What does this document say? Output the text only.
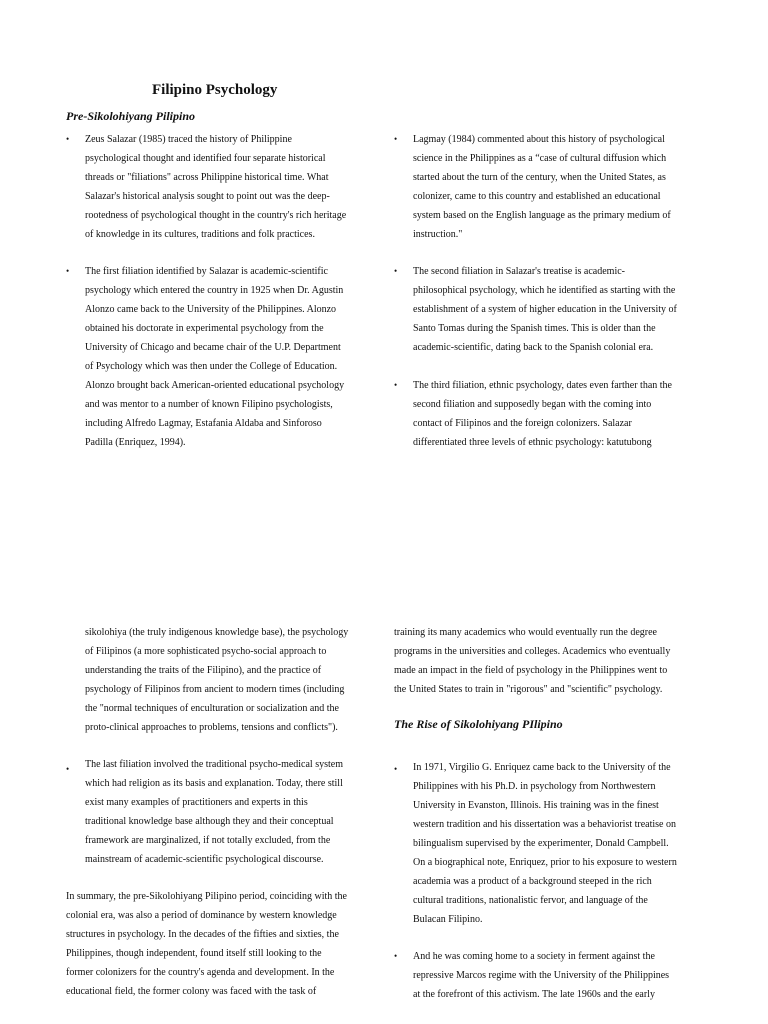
Filipino Psychology
Pre-Sikolohiyang Pilipino
• Zeus Salazar (1985) traced the history of Philippine
psychological thought and identified four separate historical
threads or "filiations" across Philippine historical time. What
Salazar's historical analysis sought to point out was the deep-
rootedness of psychological thought in the country's rich heritage
of knowledge in its cultures, traditions and folk practices.
• The first filiation identified by Salazar is academic-scientific
psychology which entered the country in 1925 when Dr. Agustin
Alonzo came back to the University of the Philippines. Alonzo
obtained his doctorate in experimental psychology from the
University of Chicago and became chair of the U.P. Department
of Psychology which was then under the College of Education.
Alonzo brought back American-oriented educational psychology
and was mentor to a number of known Filipino psychologists,
including Alfredo Lagmay, Estafania Aldaba and Sinforoso
Padilla (Enriquez, 1994).
• Lagmay (1984) commented about this history of psychological
science in the Philippines as a “case of cultural diffusion which
started about the turn of the century, when the United States, as
colonizer, came to this country and established an educational
system based on the English language as the primary medium of
instruction."
• The second filiation in Salazar's treatise is academic-
philosophical psychology, which he identified as starting with the
establishment of a system of higher education in the University of
Santo Tomas during the Spanish times. This is older than the
academic-scientific, dating back to the Spanish colonial era.
• The third filiation, ethnic psychology, dates even farther than the
second filiation and supposedly began with the coming into
contact of Filipinos and the foreign colonizers. Salazar
differentiated three levels of ethnic psychology: katutubong
sikolohiya (the truly indigenous knowledge base), the psychology
of Filipinos (a more sophisticated psycho-social approach to
understanding the traits of the Filipino), and the practice of
psychology of Filipinos from ancient to modern times (including
the "normal techniques of enculturation or socialization and the
proto-clinical approaches to problems, tensions and conflicts").
• The last filiation involved the traditional psycho-medical system
which had religion as its basis and explanation. Today, there still
exist many examples of practitioners and experts in this
traditional knowledge base although they and their conceptual
framework are marginalized, if not totally excluded, from the
mainstream of academic-scientific psychological discourse.
In summary, the pre-Sikolohiyang Pilipino period, coinciding with the
colonial era, was also a period of dominance by western knowledge
structures in psychology. In the decades of the fifties and sixties, the
Philippines, though independent, found itself still looking to the
former colonizers for the country's agenda and development. In the
educational field, the former colony was faced with the task of
training its many academics who would eventually run the degree
programs in the universities and colleges. Academics who eventually
made an impact in the field of psychology in the Philippines went to
the United States to train in "rigorous" and "scientific" psychology.
The Rise of Sikolohiyang PIlipino
• In 1971, Virgilio G. Enriquez came back to the University of the
Philippines with his Ph.D. in psychology from Northwestern
University in Evanston, Illinois. His training was in the finest
western tradition and his dissertation was a behaviorist treatise on
bilingualism supervised by the experimenter, Donald Campbell.
On a biographical note, Enriquez, prior to his exposure to western
academia was a product of a background steeped in the rich
cultural traditions, nationalistic fervor, and language of the
Bulacan Filipino.
• And he was coming home to a society in ferment against the
repressive Marcos regime with the University of the Philippines
at the forefront of this activism. The late 1960s and the early
